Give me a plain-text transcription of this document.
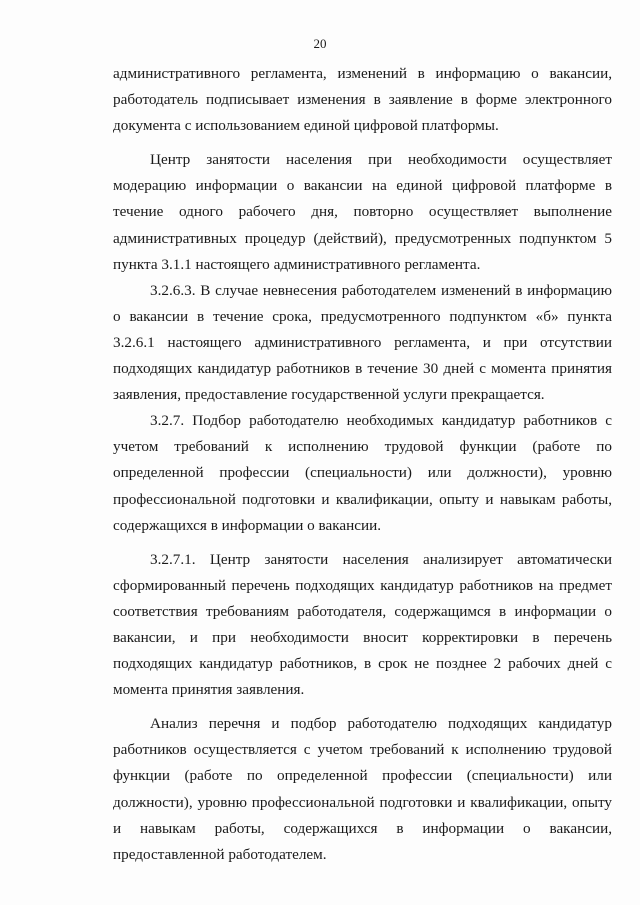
20

административного регламента, изменений в информацию о вакансии, работодатель подписывает изменения в заявление в форме электронного документа с использованием единой цифровой платформы.

Центр занятости населения при необходимости осуществляет модерацию информации о вакансии на единой цифровой платформе в течение одного рабочего дня, повторно осуществляет выполнение административных процедур (действий), предусмотренных подпунктом 5 пункта 3.1.1 настоящего административного регламента.

3.2.6.3. В случае невнесения работодателем изменений в информацию о вакансии в течение срока, предусмотренного подпунктом «б» пункта 3.2.6.1 настоящего административного регламента, и при отсутствии подходящих кандидатур работников в течение 30 дней с момента принятия заявления, предоставление государственной услуги прекращается.

3.2.7. Подбор работодателю необходимых кандидатур работников с учетом требований к исполнению трудовой функции (работе по определенной профессии (специальности) или должности), уровню профессиональной подготовки и квалификации, опыту и навыкам работы, содержащихся в информации о вакансии.

3.2.7.1. Центр занятости населения анализирует автоматически сформированный перечень подходящих кандидатур работников на предмет соответствия требованиям работодателя, содержащимся в информации о вакансии, и при необходимости вносит корректировки в перечень подходящих кандидатур работников, в срок не позднее 2 рабочих дней с момента принятия заявления.

Анализ перечня и подбор работодателю подходящих кандидатур работников осуществляется с учетом требований к исполнению трудовой функции (работе по определенной профессии (специальности) или должности), уровню профессиональной подготовки и квалификации, опыту и навыкам работы, содержащихся в информации о вакансии, предоставленной работодателем.
